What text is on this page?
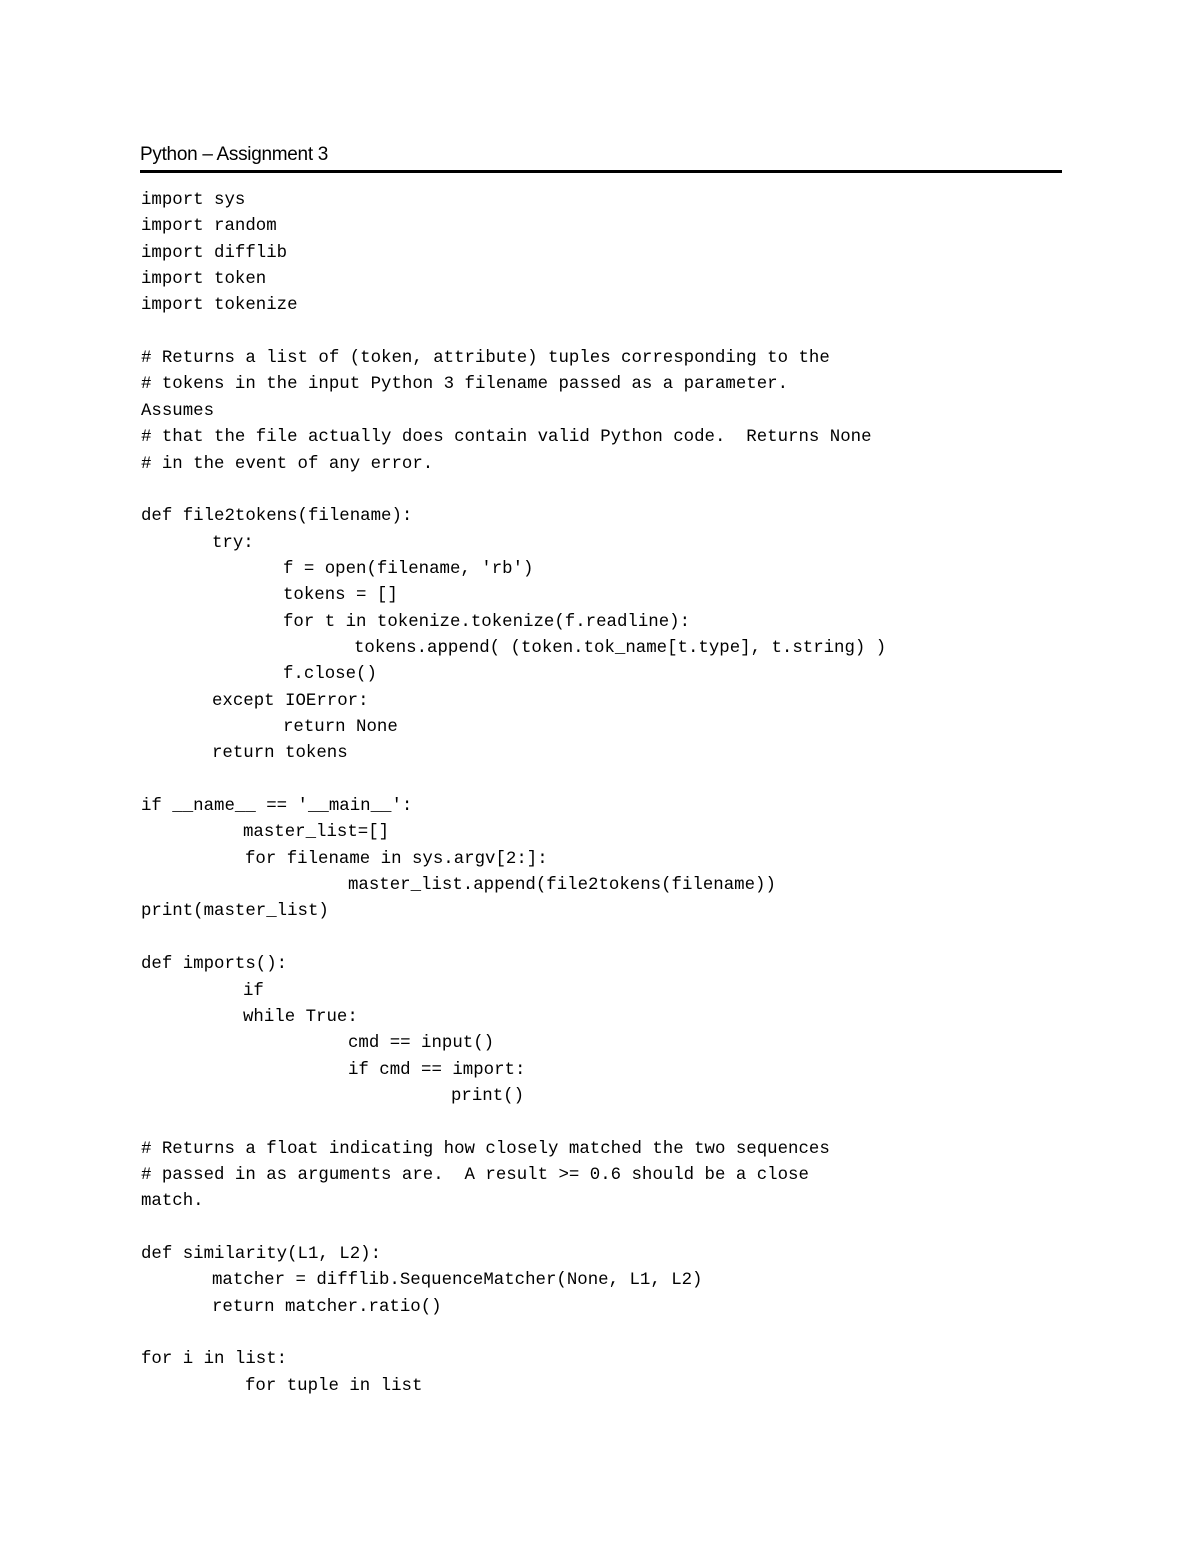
Python – Assignment 3
import sys
import random
import difflib
import token
import tokenize
# Returns a list of (token, attribute) tuples corresponding to the
# tokens in the input Python 3 filename passed as a parameter.
Assumes
# that the file actually does contain valid Python code.  Returns None
# in the event of any error.
def file2tokens(filename):
try:
f = open(filename, 'rb')
tokens = []
for t in tokenize.tokenize(f.readline):
tokens.append( (token.tok_name[t.type], t.string) )
f.close()
except IOError:
return None
return tokens
if __name__ == '__main__':
master_list=[]
for filename in sys.argv[2:]:
master_list.append(file2tokens(filename))
print(master_list)
def imports():
if
while True:
cmd == input()
if cmd == import:
print()
# Returns a float indicating how closely matched the two sequences
# passed in as arguments are.  A result >= 0.6 should be a close
match.
def similarity(L1, L2):
matcher = difflib.SequenceMatcher(None, L1, L2)
return matcher.ratio()
for i in list:
for tuple in list
